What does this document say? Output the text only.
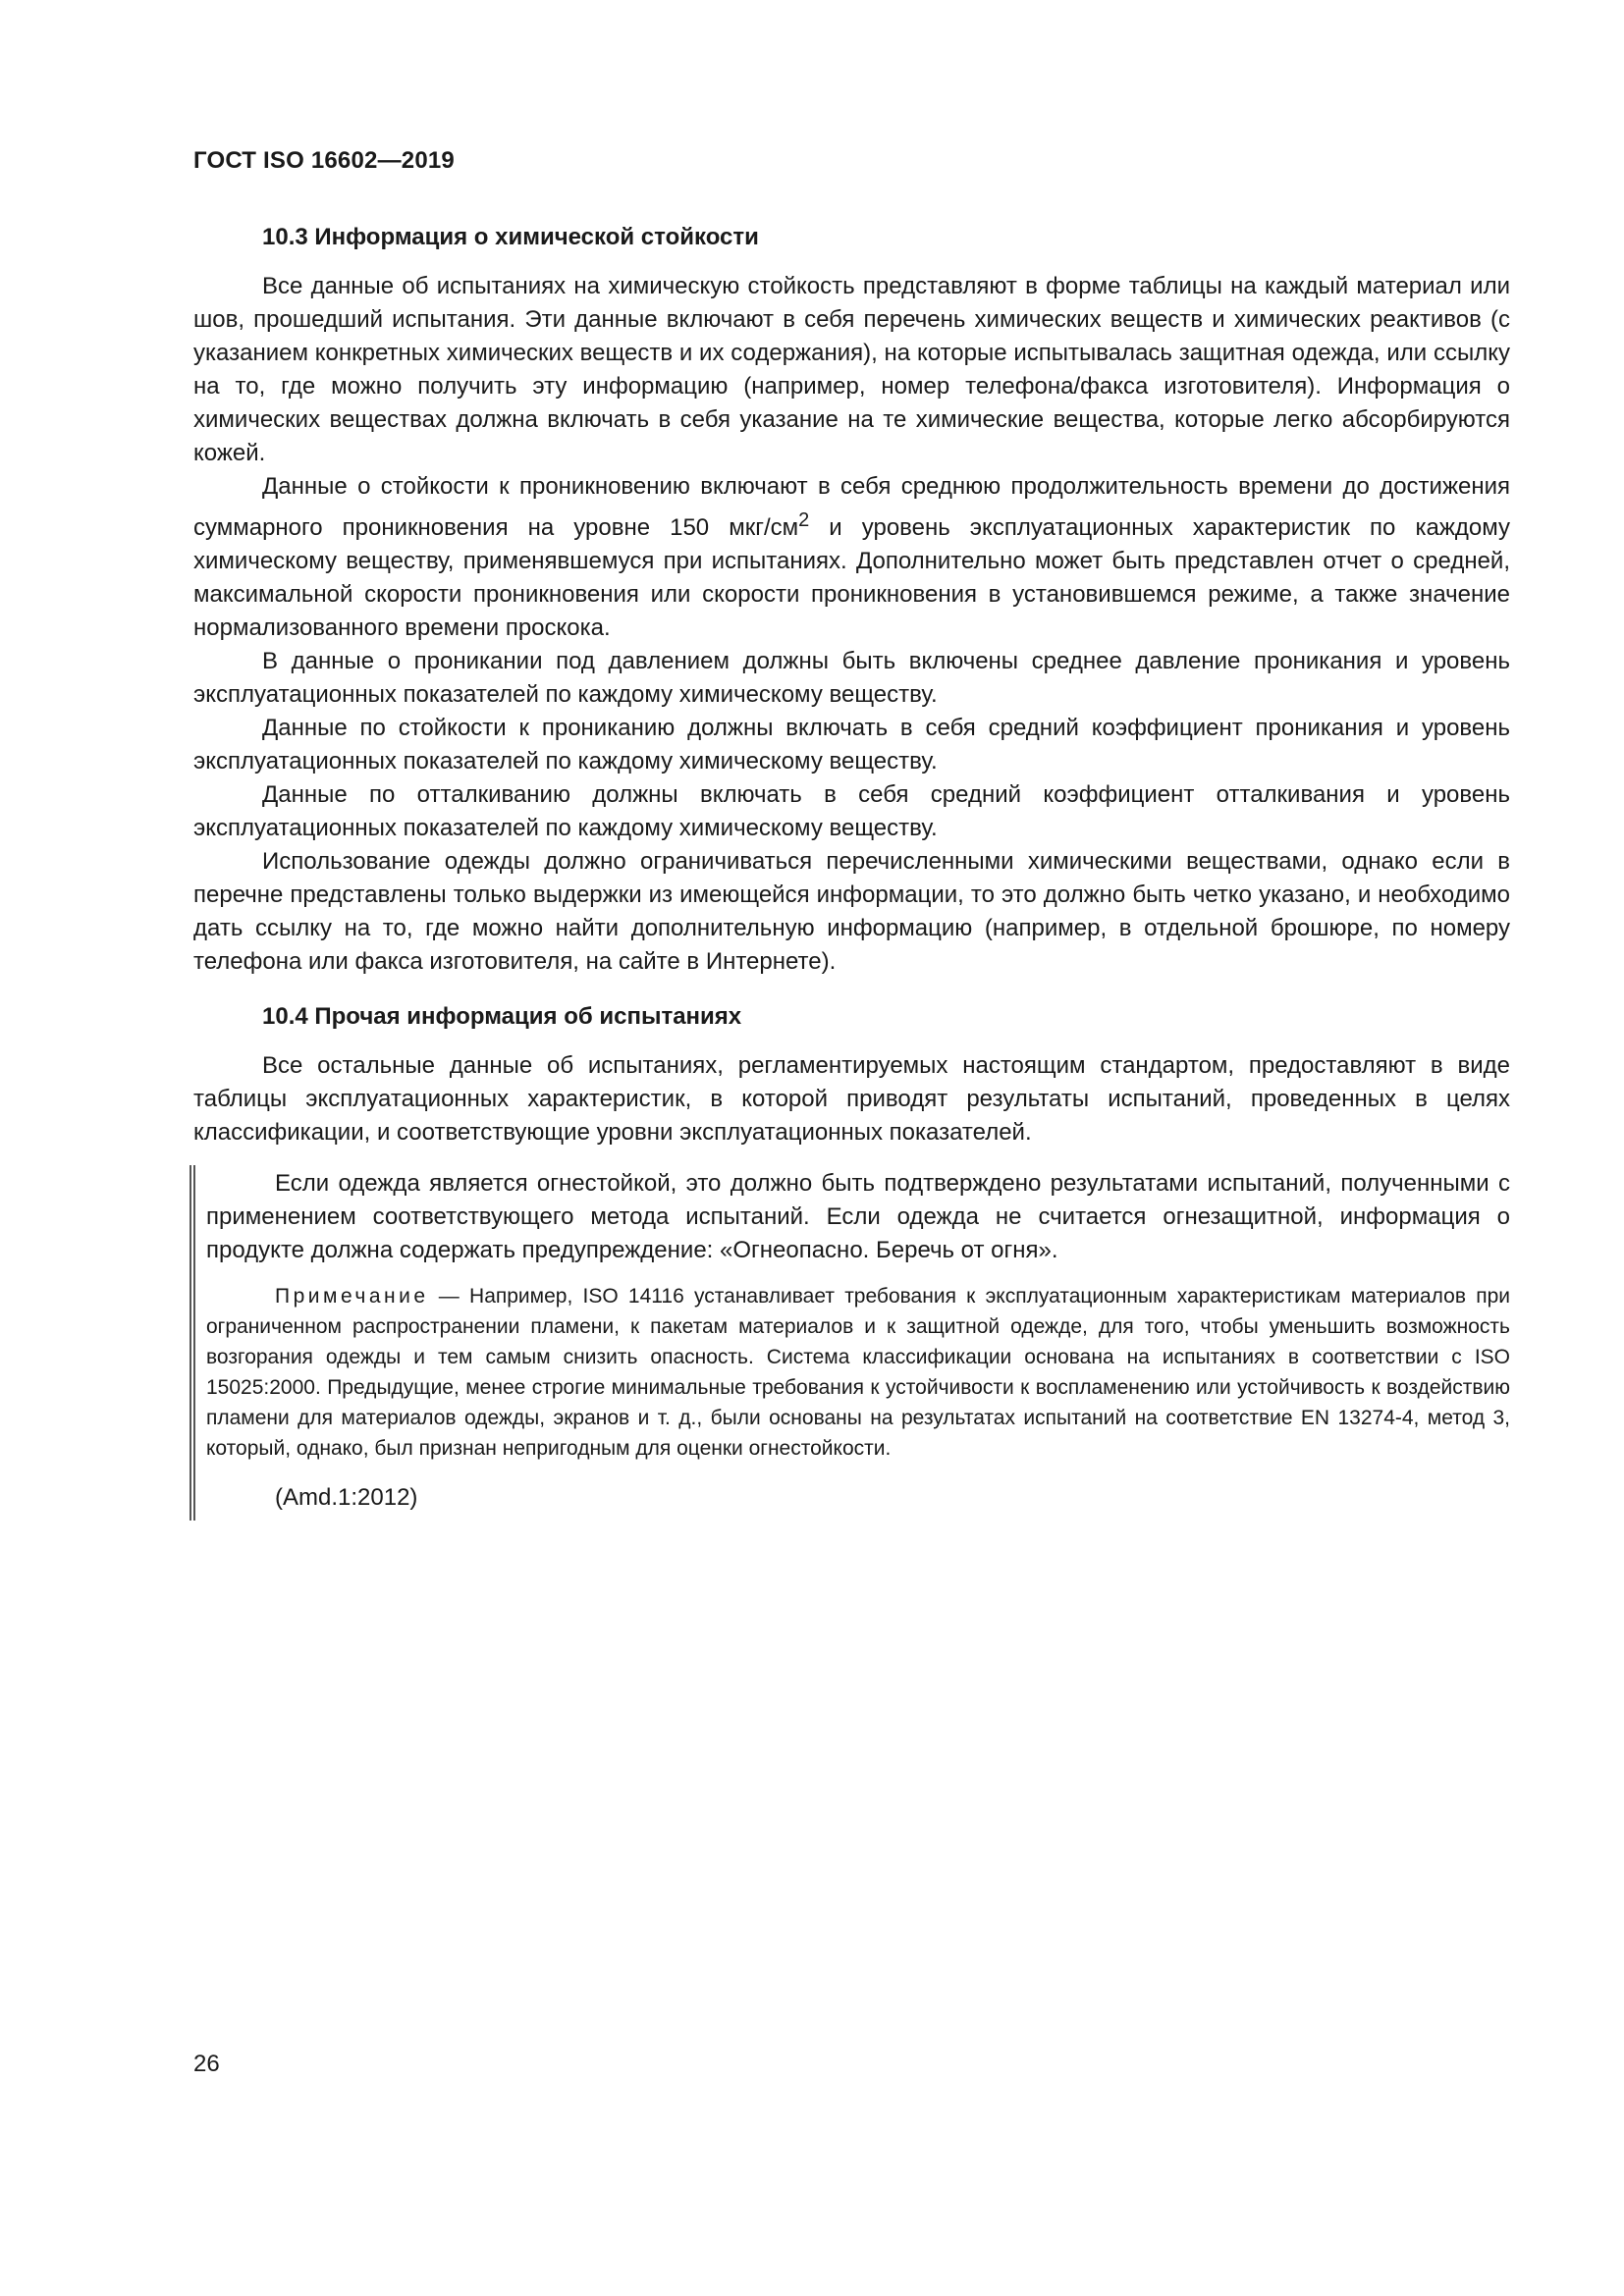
ГОСТ ISO 16602—2019
10.3 Информация о химической стойкости

Все данные об испытаниях на химическую стойкость представляют в форме таблицы на каждый материал или шов, прошедший испытания. Эти данные включают в себя перечень химических веществ и химических реактивов (с указанием конкретных химических веществ и их содержания), на которые испытывалась защитная одежда, или ссылку на то, где можно получить эту информацию (например, номер телефона/факса изготовителя). Информация о химических веществах должна включать в себя указание на те химические вещества, которые легко абсорбируются кожей.

Данные о стойкости к проникновению включают в себя среднюю продолжительность времени до достижения суммарного проникновения на уровне 150 мкг/$см^2$ и уровень эксплуатационных характеристик по каждому химическому веществу, применявшемуся при испытаниях. Дополнительно может быть представлен отчет о средней, максимальной скорости проникновения или скорости проникновения в установившемся режиме, а также значение нормализованного времени проскока.

В данные о проникании под давлением должны быть включены среднее давление проникания и уровень эксплуатационных показателей по каждому химическому веществу.

Данные по стойкости к прониканию должны включать в себя средний коэффициент проникания и уровень эксплуатационных показателей по каждому химическому веществу.

Данные по отталкиванию должны включать в себя средний коэффициент отталкивания и уровень эксплуатационных показателей по каждому химическому веществу.

Использование одежды должно ограничиваться перечисленными химическими веществами, однако если в перечне представлены только выдержки из имеющейся информации, то это должно быть четко указано, и необходимо дать ссылку на то, где можно найти дополнительную информацию (например, в отдельной брошюре, по номеру телефона или факса изготовителя, на сайте в Интернете).

10.4 Прочая информация об испытаниях

Все остальные данные об испытаниях, регламентируемых настоящим стандартом, предоставляют в виде таблицы эксплуатационных характеристик, в которой приводят результаты испытаний, проведенных в целях классификации, и соответствующие уровни эксплуатационных показателей.

Если одежда является огнестойкой, это должно быть подтверждено результатами испытаний, полученными с применением соответствующего метода испытаний. Если одежда не считается огнезащитной, информация о продукте должна содержать предупреждение: «Огнеопасно. Беречь от огня».

Примечание — Например, ISO 14116 устанавливает требования к эксплуатационным характеристикам материалов при ограниченном распространении пламени, к пакетам материалов и к защитной одежде, для того, чтобы уменьшить возможность возгорания одежды и тем самым снизить опасность. Система классификации основана на испытаниях в соответствии с ISO 15025:2000. Предыдущие, менее строгие минимальные требования к устойчивости к воспламенению или устойчивость к воздействию пламени для материалов одежды, экранов и т. д., были основаны на результатах испытаний на соответствие EN 13274-4, метод 3, который, однако, был признан непригодным для оценки огнестойкости.

(Amd.1:2012)
26
